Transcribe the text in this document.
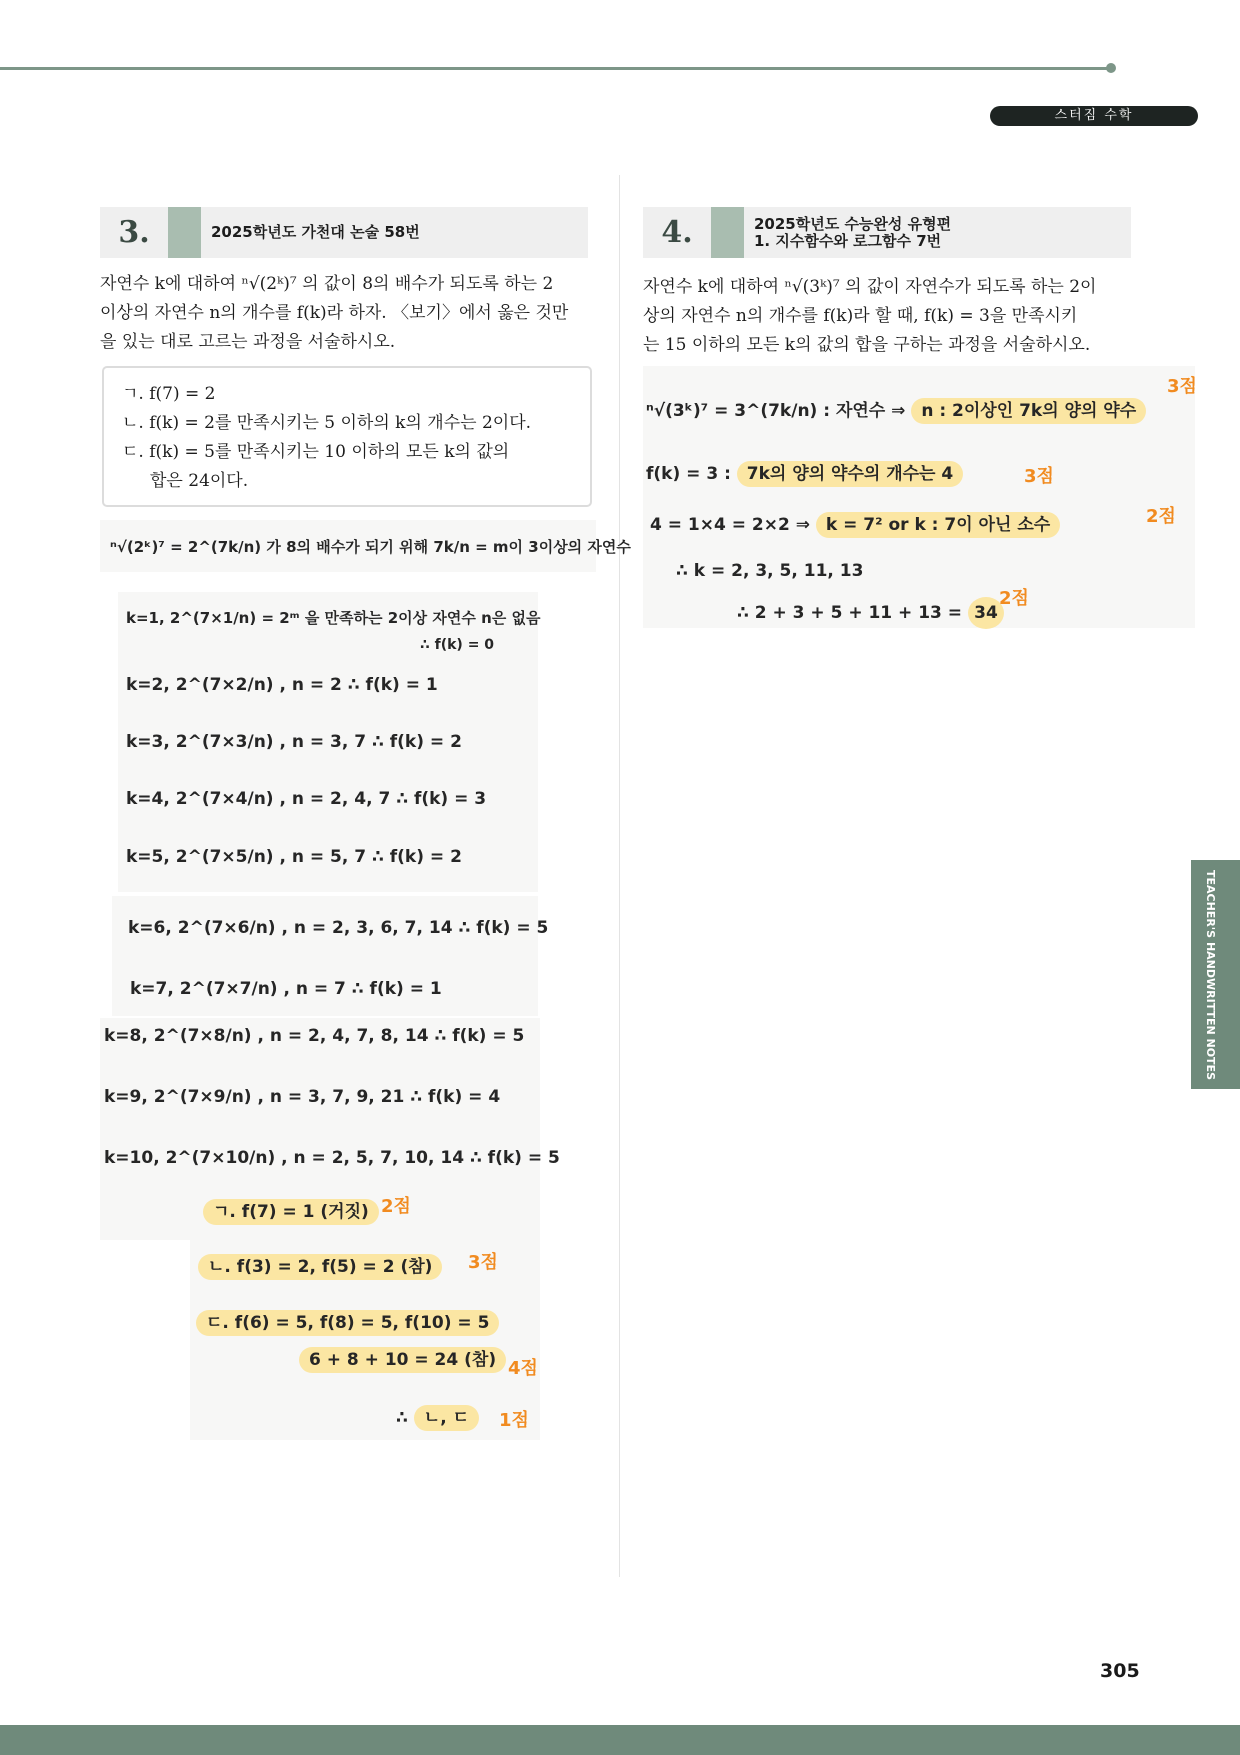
스터짐 수학
3.	2025학년도 가천대 논술 58번
자연수 k에 대하여 ⁿ√(2ᵏ)⁷ 의 값이 8의 배수가 되도록 하는 2
이상의 자연수 n의 개수를 f(k)라 하자. 〈보기〉에서 옳은 것만
을 있는 대로 고르는 과정을 서술하시오.
ㄱ. f(7) = 2
ㄴ. f(k) = 2를 만족시키는 5 이하의 k의 개수는 2이다.
ㄷ. f(k) = 5를 만족시키는 10 이하의 모든 k의 값의
합은 24이다.
ⁿ√(2ᵏ)⁷ = 2^(7k/n) 가 8의 배수가 되기 위해 7k/n = m이 3이상의 자연수
k=1, 2^(7×1/n) = 2ᵐ 을 만족하는 2이상 자연수 n은 없음
∴ f(k) = 0
k=2, 2^(7×2/n) , n = 2 ∴ f(k) = 1
k=3, 2^(7×3/n) , n = 3, 7 ∴ f(k) = 2
k=4, 2^(7×4/n) , n = 2, 4, 7 ∴ f(k) = 3
k=5, 2^(7×5/n) , n = 5, 7 ∴ f(k) = 2
k=6, 2^(7×6/n) , n = 2, 3, 6, 7, 14 ∴ f(k) = 5
k=7, 2^(7×7/n) , n = 7 ∴ f(k) = 1
k=8, 2^(7×8/n) , n = 2, 4, 7, 8, 14 ∴ f(k) = 5
k=9, 2^(7×9/n) , n = 3, 7, 9, 21 ∴ f(k) = 4
k=10, 2^(7×10/n) , n = 2, 5, 7, 10, 14 ∴ f(k) = 5
ㄱ. f(7) = 1 (거짓) 2점
ㄴ. f(3) = 2, f(5) = 2 (참)	3점
ㄷ. f(6) = 5, f(8) = 5, f(10) = 5
6 + 8 + 10 = 24 (참) 4점
∴ ㄴ, ㄷ	1점
4.	2025학년도 수능완성 유형편
1. 지수함수와 로그함수 7번
자연수 k에 대하여 ⁿ√(3ᵏ)⁷ 의 값이 자연수가 되도록 하는 2이
상의 자연수 n의 개수를 f(k)라 할 때, f(k) = 3을 만족시키
는 15 이하의 모든 k의 값의 합을 구하는 과정을 서술하시오.
3점
ⁿ√(3ᵏ)⁷ = 3^(7k/n) : 자연수 ⇒ n : 2이상인 7k의 양의 약수
f(k) = 3 : 7k의 양의 약수의 개수는 4	3점
4 = 1×4 = 2×2 ⇒ k = 7² or k : 7이 아닌 소수	2점
∴ k = 2, 3, 5, 11, 13
∴ 2 + 3 + 5 + 11 + 13 = 34
2점
TEACHER'S HANDWRITTEN NOTES 손글씨 해설
305
